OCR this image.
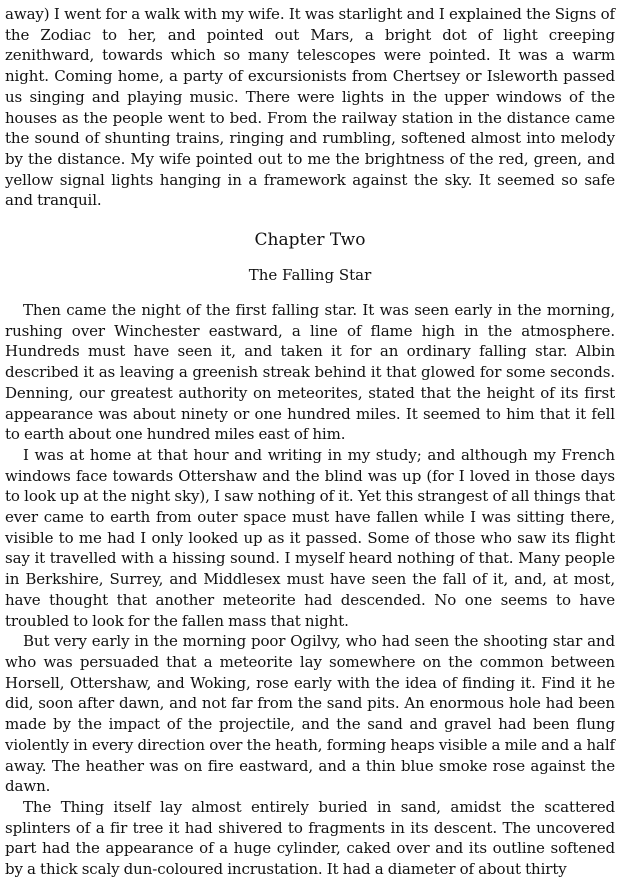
away) I went for a walk with my wife. It was starlight and I explained the Signs of the Zodiac to her, and pointed out Mars, a bright dot of light creeping zenithward, towards which so many telescopes were pointed. It was a warm night. Coming home, a party of excursionists from Chertsey or Isleworth passed us singing and playing music. There were lights in the upper windows of the houses as the people went to bed. From the railway station in the distance came the sound of shunting trains, ringing and rumbling, softened almost into melody by the distance. My wife pointed out to me the brightness of the red, green, and yellow signal lights hanging in a framework against the sky. It seemed so safe and tranquil.

Chapter Two
The Falling Star

Then came the night of the first falling star. It was seen early in the morning, rushing over Winchester eastward, a line of flame high in the atmosphere. Hundreds must have seen it, and taken it for an ordinary falling star. Albin described it as leaving a greenish streak behind it that glowed for some seconds. Denning, our greatest authority on meteorites, stated that the height of its first appearance was about ninety or one hundred miles. It seemed to him that it fell to earth about one hundred miles east of him.

I was at home at that hour and writing in my study; and although my French windows face towards Ottershaw and the blind was up (for I loved in those days to look up at the night sky), I saw nothing of it. Yet this strangest of all things that ever came to earth from outer space must have fallen while I was sitting there, visible to me had I only looked up as it passed. Some of those who saw its flight say it travelled with a hissing sound. I myself heard nothing of that. Many people in Berkshire, Surrey, and Middlesex must have seen the fall of it, and, at most, have thought that another meteorite had descended. No one seems to have troubled to look for the fallen mass that night.

But very early in the morning poor Ogilvy, who had seen the shooting star and who was persuaded that a meteorite lay somewhere on the common between Horsell, Ottershaw, and Woking, rose early with the idea of finding it. Find it he did, soon after dawn, and not far from the sand pits. An enormous hole had been made by the impact of the projectile, and the sand and gravel had been flung violently in every direction over the heath, forming heaps visible a mile and a half away. The heather was on fire eastward, and a thin blue smoke rose against the dawn.

The Thing itself lay almost entirely buried in sand, amidst the scattered splinters of a fir tree it had shivered to fragments in its descent. The uncovered part had the appearance of a huge cylinder, caked over and its outline softened by a thick scaly dun-coloured incrustation. It had a diameter of about thirty
